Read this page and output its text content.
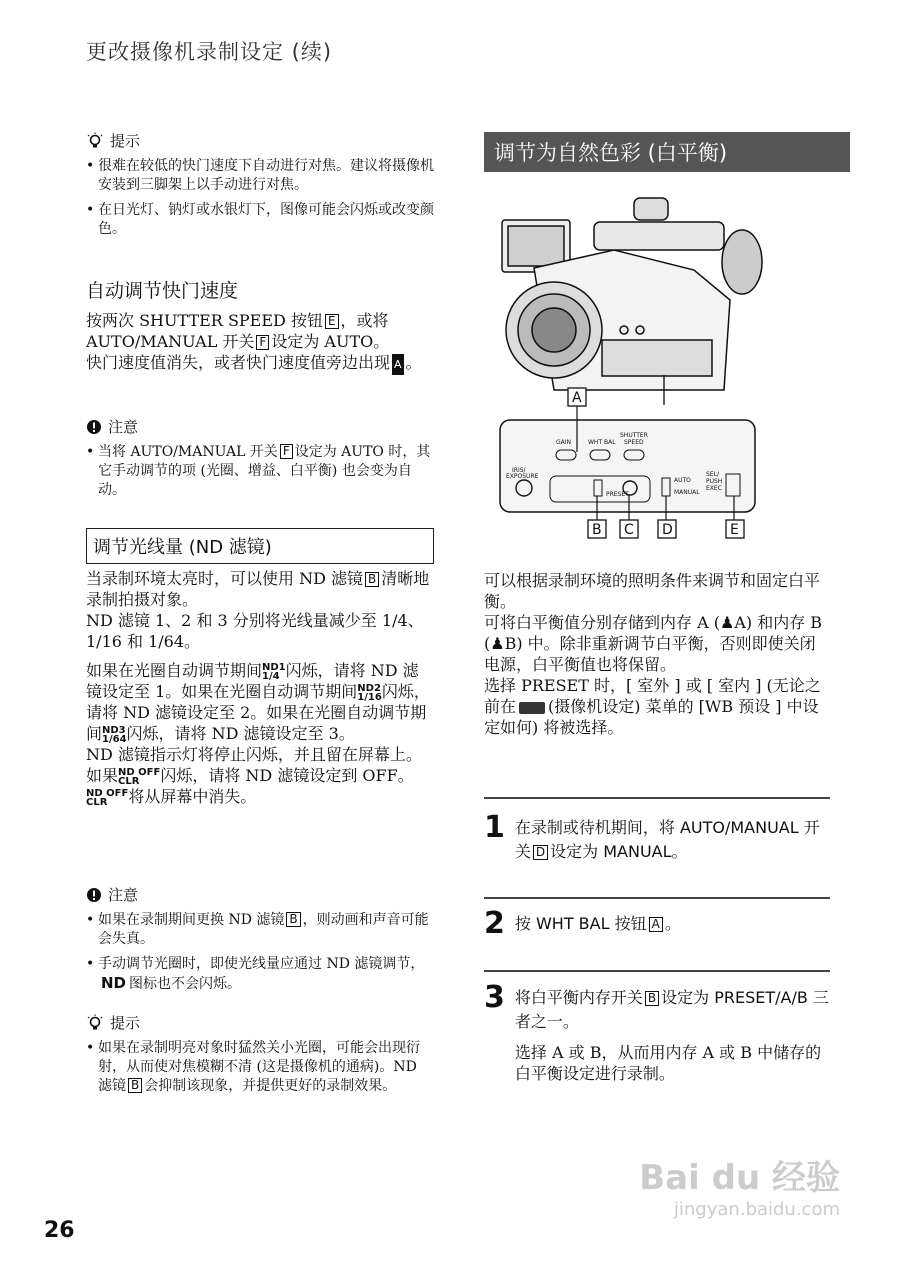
更改摄像机录制设定 (续)
提示

• 很难在较低的快门速度下自动进行对焦。建议将摄像机安装到三脚架上以手动进行对焦。

• 在日光灯、钠灯或水银灯下，图像可能会闪烁或改变颜色。

自动调节快门速度
按两次 SHUTTER SPEED 按钮 E ，或将 AUTO/MANUAL 开关 F 设定为 AUTO。
快门速度值消失，或者快门速度值旁边出现 A 。
注意

• 当将 AUTO/MANUAL 开关 F 设定为 AUTO 时，其它手动调节的项 (光圈、增益、白平衡) 也会变为自动。

调节光线量 (ND 滤镜)
当录制环境太亮时，可以使用 ND 滤镜 B 清晰地录制拍摄对象。
ND 滤镜 1、2 和 3 分别将光线量减少至 1/4、1/16 和 1/64。
如果在光圈自动调节期间ND1
1/4 闪烁，请将 ND 滤镜设定至 1。如果在光圈自动调节期间ND2
1/16闪烁，请将 ND 滤镜设定至 2。如果在光圈自动调节期间ND3
1/64闪烁，请将 ND 滤镜设定至 3。
ND 滤镜指示灯将停止闪烁，并且留在屏幕上。
如果ND OFF
CLR 闪烁，请将 ND 滤镜设定到 OFF。ND OFF
CLR 将从屏幕中消失。
注意

• 如果在录制期间更换 ND 滤镜 B ，则动画和声音可能会失真。

• 手动调节光圈时，即使光线量应通过 ND 滤镜调节，ND 图标也不会闪烁。

提示

• 如果在录制明亮对象时猛然关小光圈，可能会出现衍射，从而使对焦模糊不清 (这是摄像机的通病)。ND 滤镜 B 会抑制该现象，并提供更好的录制效果。

调节为自然色彩 (白平衡)
GAIN	WHT BAL
SHUTTER
SPEED
IRIS/
EXPOSURE
PRESET
AUTO
MANUAL
SEL/
PUSH
EXEC
A
B C D	E
可以根据录制环境的照明条件来调节和固定白平衡。
可将白平衡值分别存储到内存 A (♟A) 和内存 B (♟B) 中。除非重新调节白平衡，否则即使关闭电源，白平衡值也将保留。
选择 PRESET 时，[ 室外 ] 或 [ 室内 ] (无论之前在 (摄像机设定) 菜单的 [WB 预设 ] 中设定如何) 将被选择。
1 在录制或待机期间，将 AUTO/MANUAL 开关 D 设定为 MANUAL。
2 按 WHT BAL 按钮 A 。
3 将白平衡内存开关 B 设定为 PRESET/A/B 三者之一。
选择 A 或 B，从而用内存 A 或 B 中储存的白平衡设定进行录制。
26
Bai du 经验
jingyan.baidu.com
